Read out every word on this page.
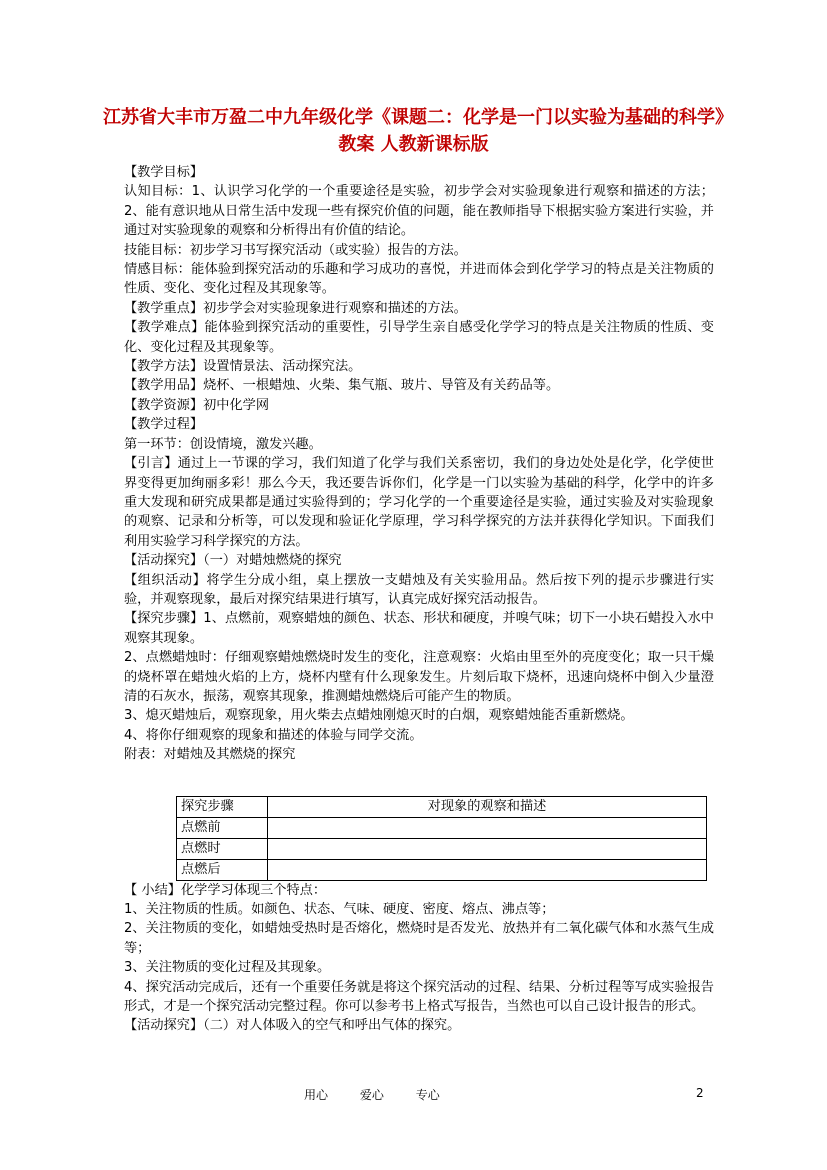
江苏省大丰市万盈二中九年级化学《课题二：化学是一门以实验为基础的科学》教案 人教新课标版

【教学目标】

认知目标：1、认识学习化学的一个重要途径是实验，初步学会对实验现象进行观察和描述的方法；2、能有意识地从日常生活中发现一些有探究价值的问题，能在教师指导下根据实验方案进行实验，并通过对实验现象的观察和分析得出有价值的结论。

技能目标：初步学习书写探究活动（或实验）报告的方法。

情感目标：能体验到探究活动的乐趣和学习成功的喜悦，并进而体会到化学学习的特点是关注物质的性质、变化、变化过程及其现象等。

【教学重点】初步学会对实验现象进行观察和描述的方法。

【教学难点】能体验到探究活动的重要性，引导学生亲自感受化学学习的特点是关注物质的性质、变化、变化过程及其现象等。

【教学方法】设置情景法、活动探究法。

【教学用品】烧杯、一根蜡烛、火柴、集气瓶、玻片、导管及有关药品等。

【教学资源】初中化学网

【教学过程】

第一环节：创设情境，激发兴趣。

【引言】通过上一节课的学习，我们知道了化学与我们关系密切，我们的身边处处是化学，化学使世界变得更加绚丽多彩！那么今天，我还要告诉你们，化学是一门以实验为基础的科学，化学中的许多重大发现和研究成果都是通过实验得到的；学习化学的一个重要途径是实验，通过实验及对实验现象的观察、记录和分析等，可以发现和验证化学原理，学习科学探究的方法并获得化学知识。下面我们利用实验学习科学探究的方法。

【活动探究】（一）对蜡烛燃烧的探究

【组织活动】将学生分成小组，桌上摆放一支蜡烛及有关实验用品。然后按下列的提示步骤进行实验，并观察现象，最后对探究结果进行填写，认真完成好探究活动报告。

【探究步骤】1、点燃前，观察蜡烛的颜色、状态、形状和硬度，并嗅气味；切下一小块石蜡投入水中观察其现象。

2、点燃蜡烛时：仔细观察蜡烛燃烧时发生的变化，注意观察：火焰由里至外的亮度变化；取一只干燥的烧杯罩在蜡烛火焰的上方，烧杯内壁有什么现象发生。片刻后取下烧杯，迅速向烧杯中倒入少量澄清的石灰水，振荡，观察其现象，推测蜡烛燃烧后可能产生的物质。

3、熄灭蜡烛后，观察现象，用火柴去点蜡烛刚熄灭时的白烟，观察蜡烛能否重新燃烧。

4、将你仔细观察的现象和描述的体验与同学交流。

附表：对蜡烛及其燃烧的探究

探究步骤	对现象的观察和描述
点燃前	
点燃时	
点燃后	

【 小结】化学学习体现三个特点：

1、关注物质的性质。如颜色、状态、气味、硬度、密度、熔点、沸点等；

2、关注物质的变化，如蜡烛受热时是否熔化，燃烧时是否发光、放热并有二氧化碳气体和水蒸气生成等；

3、关注物质的变化过程及其现象。

4、探究活动完成后，还有一个重要任务就是将这个探究活动的过程、结果、分析过程等写成实验报告形式，才是一个探究活动完整过程。你可以参考书上格式写报告，当然也可以自己设计报告的形式。

【活动探究】（二）对人体吸入的空气和呼出气体的探究。

用心	爱心	专心	2
